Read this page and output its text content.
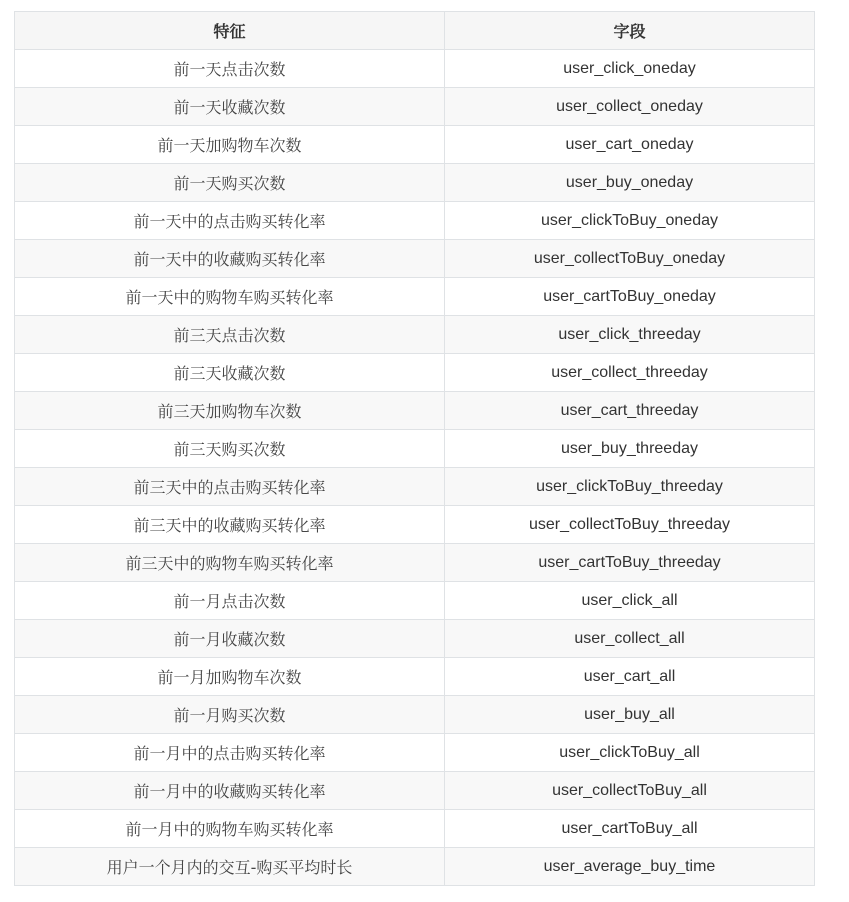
特征	字段
前一天点击次数	user_click_oneday
前一天收藏次数	user_collect_oneday
前一天加购物车次数	user_cart_oneday
前一天购买次数	user_buy_oneday
前一天中的点击购买转化率	user_clickToBuy_oneday
前一天中的收藏购买转化率	user_collectToBuy_oneday
前一天中的购物车购买转化率	user_cartToBuy_oneday
前三天点击次数	user_click_threeday
前三天收藏次数	user_collect_threeday
前三天加购物车次数	user_cart_threeday
前三天购买次数	user_buy_threeday
前三天中的点击购买转化率	user_clickToBuy_threeday
前三天中的收藏购买转化率	user_collectToBuy_threeday
前三天中的购物车购买转化率	user_cartToBuy_threeday
前一月点击次数	user_click_all
前一月收藏次数	user_collect_all
前一月加购物车次数	user_cart_all
前一月购买次数	user_buy_all
前一月中的点击购买转化率	user_clickToBuy_all
前一月中的收藏购买转化率	user_collectToBuy_all
前一月中的购物车购买转化率	user_cartToBuy_all
用户一个月内的交互-购买平均时长	user_average_buy_time
